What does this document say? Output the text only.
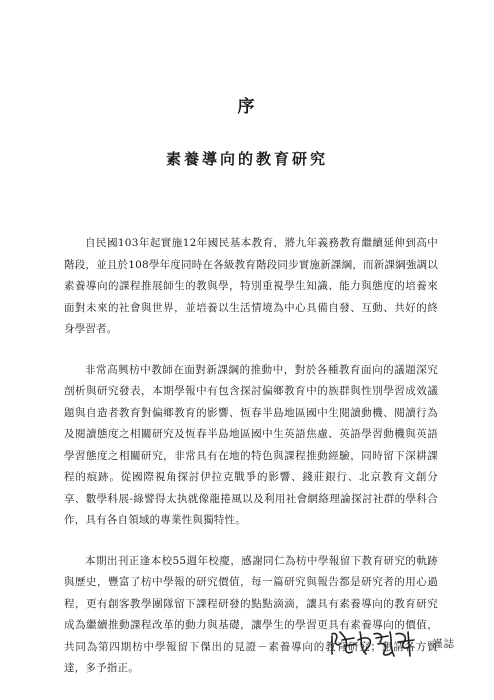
序
素養導向的教育研究

自民國103年起實施12年國民基本教育，將九年義務教育繼續延伸到高中階段，並且於108學年度同時在各級教育階段同步實施新課綱，而新課綱強調以素養導向的課程推展師生的教與學，特別重視學生知識、能力與態度的培養來面對未來的社會與世界，並培養以生活情境為中心具備自發、互動、共好的終身學習者。

非常高興枋中教師在面對新課綱的推動中，對於各種教育面向的議題深究剖析與研究發表，本期學報中有包含探討偏鄉教育中的族群與性別學習成效議題與自造者教育對偏鄉教育的影響、恆春半島地區國中生閱讀動機、閱讀行為及閱讀態度之相關研究及恆春半島地區國中生英語焦慮、英語學習動機與英語學習態度之相關研究，非常具有在地的特色與課程推動經驗，同時留下深耕課程的痕跡。從國際視角探討伊拉克戰爭的影響、錢莊銀行、北京教育文創分享、數學科展-綠譬得太执就像龍捲風以及利用社會網絡理論探討社群的學科合作，具有各自領域的專業性與獨特性。

本期出刊正逢本校55週年校慶，感謝同仁為枋中學報留下教育研究的軌跡與歷史，豐富了枋中學報的研究價值，每一篇研究與報告都是研究者的用心過程，更有創客教學團隊留下課程研發的點點滴滴，讓具有素養導向的教育研究成為繼續推動課程改革的動力與基礎，讓學生的學習更具有素養導向的價值，共同為第四期枋中學報留下傑出的見證－素養導向的教育研究；懇請各方賢達，多予指正。

謹誌
